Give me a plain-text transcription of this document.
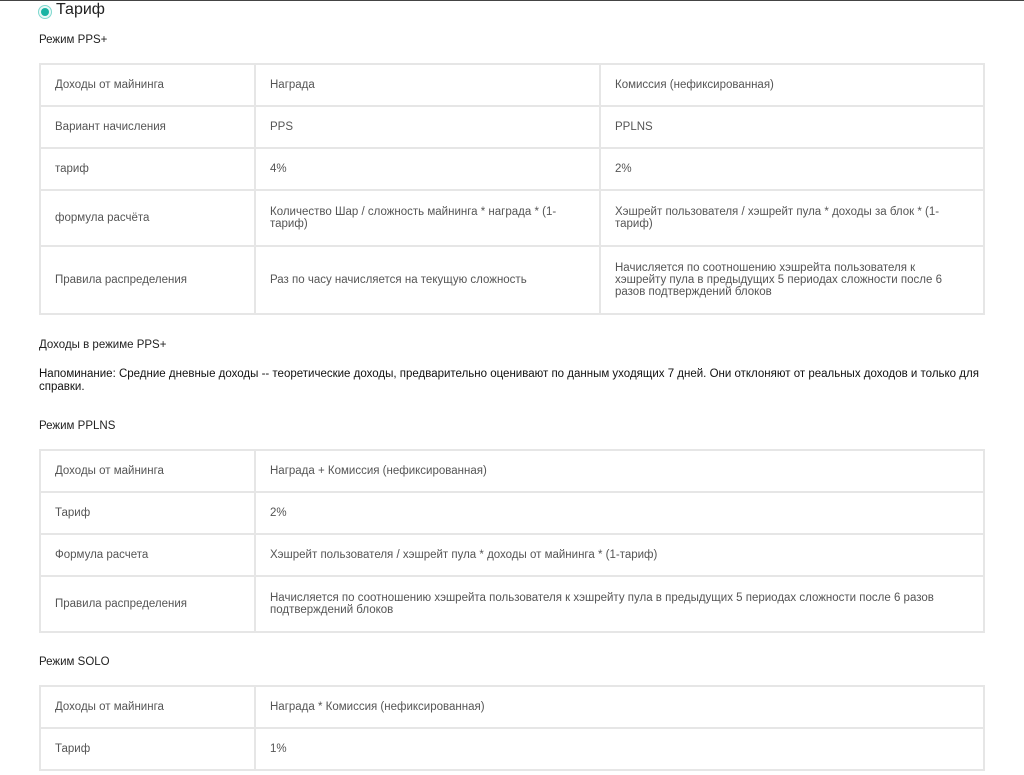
Тариф
Режим PPS+
Доходы от майнинга	Награда	Комиссия (нефиксированная)
Вариант начисления	PPS	PPLNS
тариф	4%	2%
формула расчёта	Количество Шар / сложность майнинга * награда * (1-тариф)	Хэшрейт пользователя / хэшрейт пула * доходы за блок * (1-тариф)
Правила распределения	Раз по часу начисляется на текущую сложность	Начисляется по соотношению хэшрейта пользователя к хэшрейту пула в предыдущих 5 периодах сложности после 6 разов подтверждений блоков
Доходы в режиме PPS+
Напоминание: Средние дневные доходы -- теоретические доходы, предварительно оценивают по данным уходящих 7 дней. Они отклоняют от реальных доходов и только для справки.
Режим PPLNS
Доходы от майнинга	Награда + Комиссия (нефиксированная)
Тариф	2%
Формула расчета	Хэшрейт пользователя / хэшрейт пула * доходы от майнинга * (1-тариф)
Правила распределения	Начисляется по соотношению хэшрейта пользователя к хэшрейту пула в предыдущих 5 периодах сложности после 6 разов подтверждений блоков
Режим SOLO
Доходы от майнинга	Награда * Комиссия (нефиксированная)
Тариф	1%
